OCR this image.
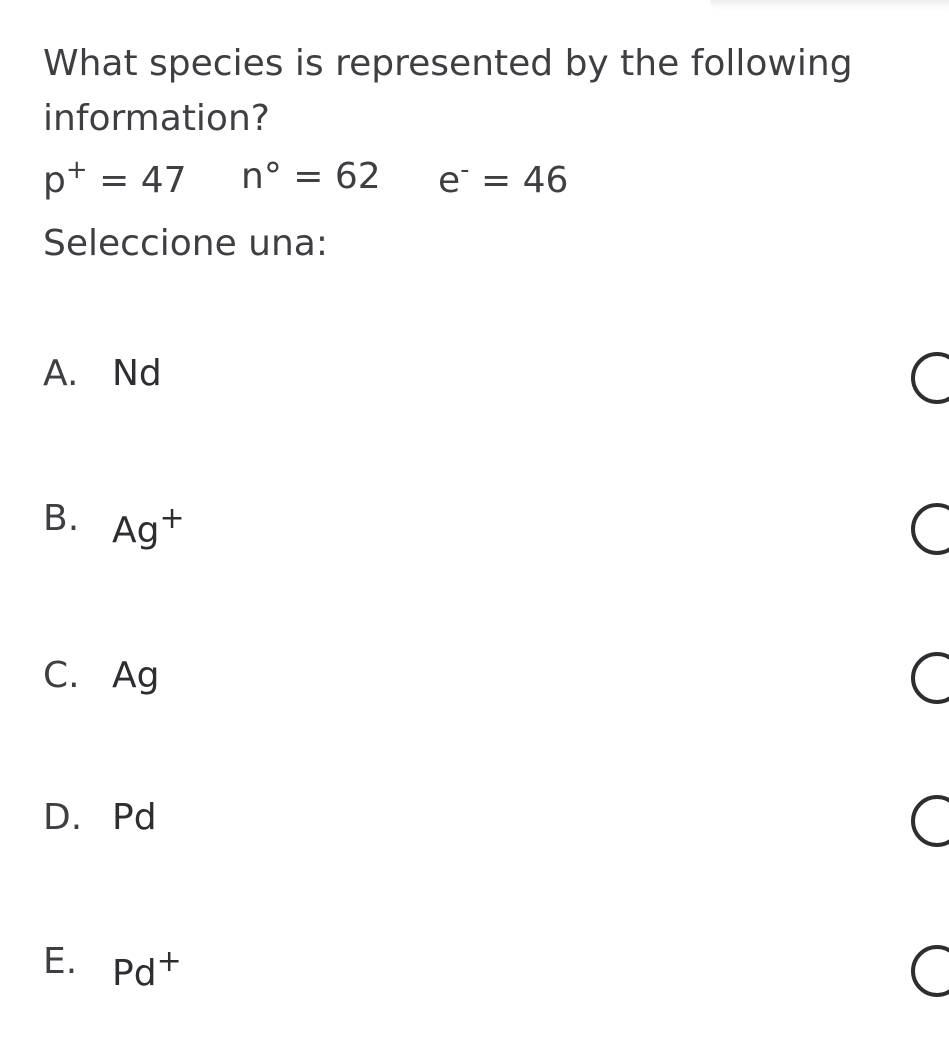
What species is represented by the following information?
p+ = 47 n° = 62 e- = 46
Seleccione una:
A. Nd
B. Ag+
C. Ag
D. Pd
E. Pd+
